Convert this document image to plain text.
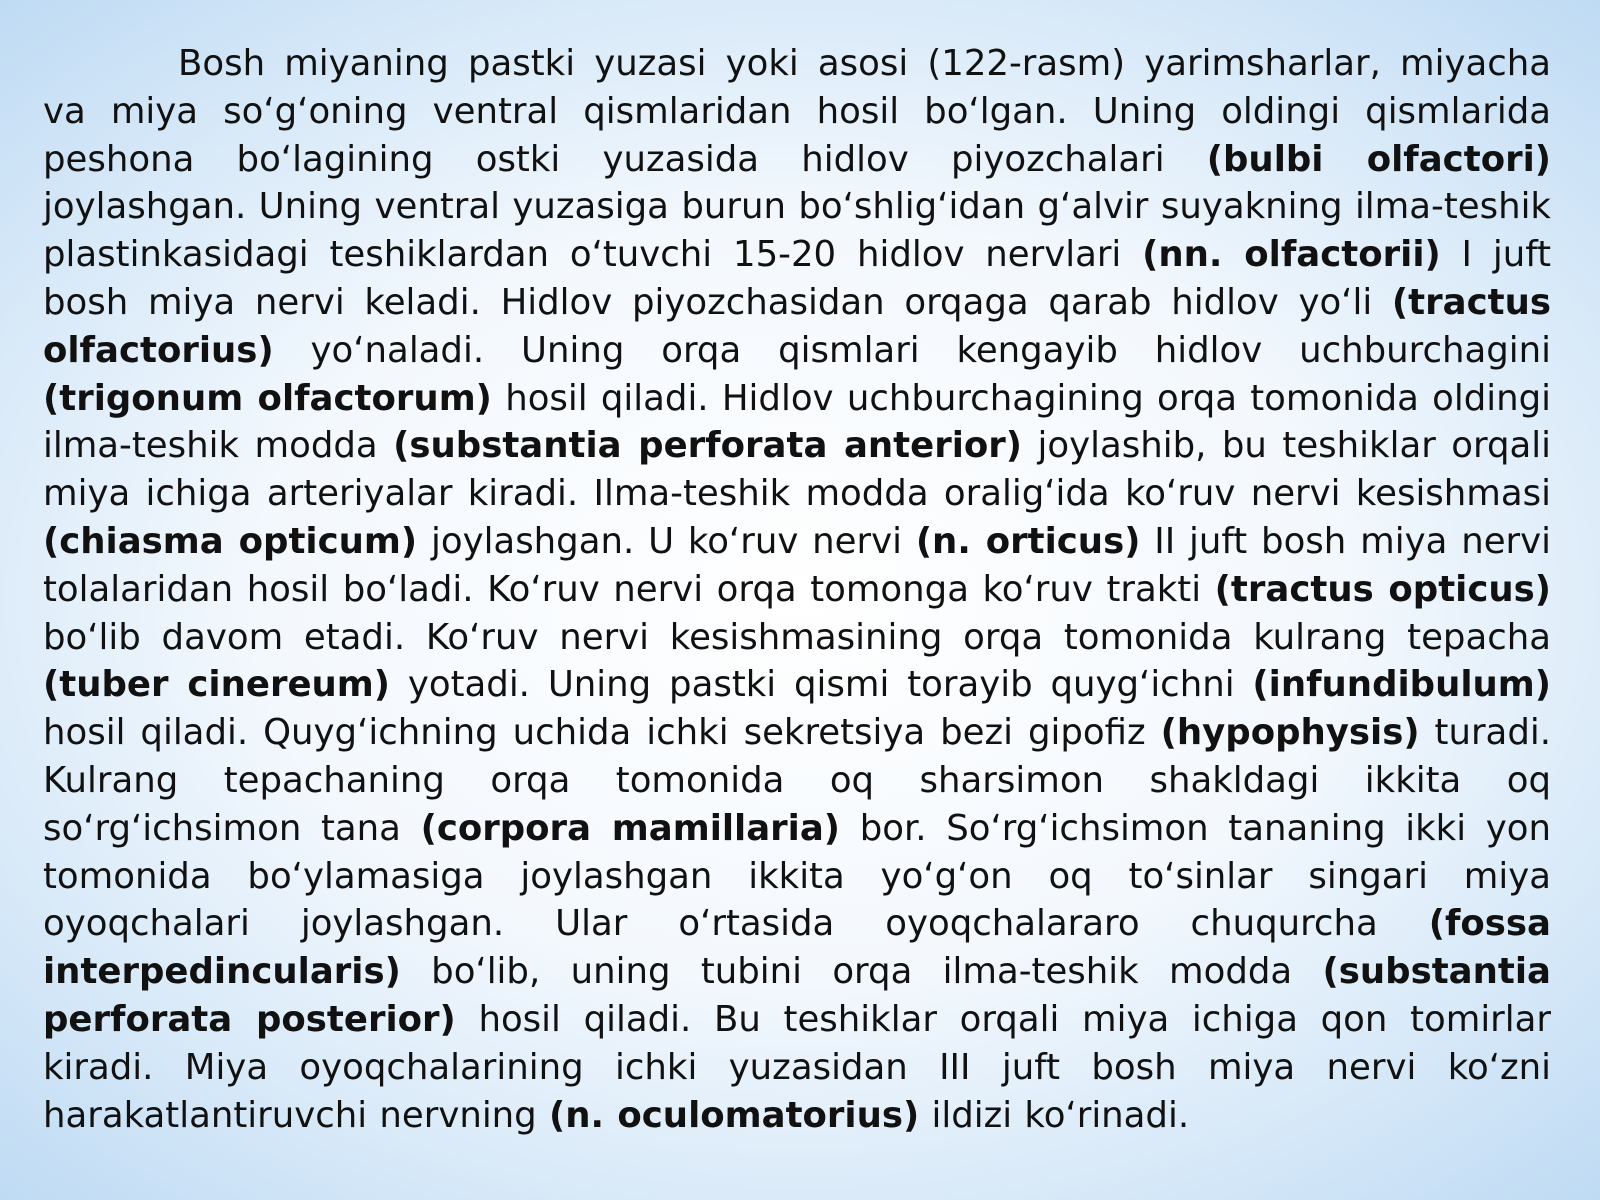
Bosh miyaning pastki yuzasi yoki asosi (122-rasm) yarimsharlar, miyacha va miya so‘g‘oning ventral qismlaridan hosil bo‘lgan. Uning oldingi qismlarida peshona bo‘lagining ostki yuzasida hidlov piyozchalari (bulbi olfactori) joylashgan. Uning ventral yuzasiga burun bo‘shlig‘idan g‘alvir suyakning ilma-teshik plastinkasidagi teshiklardan o‘tuvchi 15-20 hidlov nervlari (nn. olfactorii) I juft bosh miya nervi keladi. Hidlov piyozchasidan orqaga qarab hidlov yo‘li (tractus olfactorius) yo‘naladi. Uning orqa qismlari kengayib hidlov uchburchagini (trigonum olfactorum) hosil qiladi. Hidlov uchburchagining orqa tomonida oldingi ilma-teshik modda (substantia perforata anterior) joylashib, bu teshiklar orqali miya ichiga arteriyalar kiradi. Ilma-teshik modda oralig‘ida ko‘ruv nervi kesishmasi (chiasma opticum) joylashgan. U ko‘ruv nervi (n. orticus) II juft bosh miya nervi tolalaridan hosil bo‘ladi. Ko‘ruv nervi orqa tomonga ko‘ruv trakti (tractus opticus) bo‘lib davom etadi. Ko‘ruv nervi kesishmasining orqa tomonida kulrang tepacha (tuber cinereum) yotadi. Uning pastki qismi torayib quyg‘ichni (infundibulum) hosil qiladi. Quyg‘ichning uchida ichki sekretsiya bezi gipofiz (hypophysis) turadi. Kulrang tepachaning orqa tomonida oq sharsimon shakldagi ikkita oq so‘rg‘ichsimon tana (corpora mamillaria) bor. So‘rg‘ichsimon tananing ikki yon tomonida bo‘ylamasiga joylashgan ikkita yo‘g‘on oq to‘sinlar singari miya oyoqchalari joylashgan. Ular o‘rtasida oyoqchalararo chuqurcha (fossa interpedincularis) bo‘lib, uning tubini orqa ilma-teshik modda (substantia perforata posterior) hosil qiladi. Bu teshiklar orqali miya ichiga qon tomirlar kiradi. Miya oyoqchalarining ichki yuzasidan III juft bosh miya nervi ko‘zni harakatlantiruvchi nervning (n. oculomatorius) ildizi ko‘rinadi.
